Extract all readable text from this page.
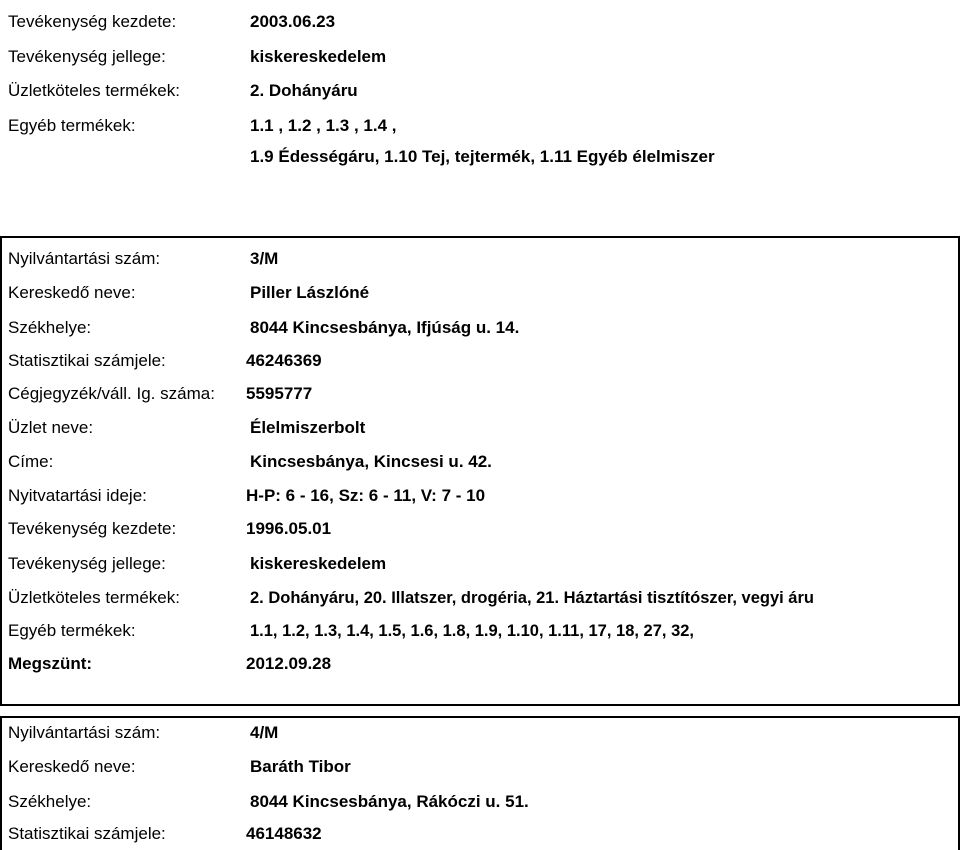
Tevékenység kezdete:	2003.06.23
Tevékenység jellege:	kiskereskedelem
Üzletköteles termékek:	2. Dohányáru
Egyéb termékek:	1.1 , 1.2 , 1.3 , 1.4 ,
1.9 Édességáru, 1.10 Tej, tejtermék, 1.11 Egyéb élelmiszer
Nyilvántartási szám:	3/M
Kereskedő neve:	Piller Lászlóné
Székhelye:	8044 Kincsesbánya, Ifjúság u. 14.
Statisztikai számjele:	46246369
Cégjegyzék/váll. Ig. száma: 5595777
Üzlet neve:	Élelmiszerbolt
Címe:	Kincsesbánya, Kincsesi u. 42.
Nyitvatartási ideje:	H-P: 6 - 16, Sz: 6 - 11, V: 7 - 10
Tevékenység kezdete:	1996.05.01
Tevékenység jellege:	kiskereskedelem
Üzletköteles termékek:	2. Dohányáru, 20. Illatszer, drogéria, 21. Háztartási tisztítószer, vegyi áru
Egyéb termékek:	1.1, 1.2, 1.3, 1.4, 1.5, 1.6, 1.8, 1.9, 1.10, 1.11, 17, 18, 27, 32,
Megszünt:	2012.09.28
Nyilvántartási szám:	4/M
Kereskedő neve:	Baráth Tibor
Székhelye:	8044 Kincsesbánya, Rákóczi u. 51.
Statisztikai számjele:	46148632
